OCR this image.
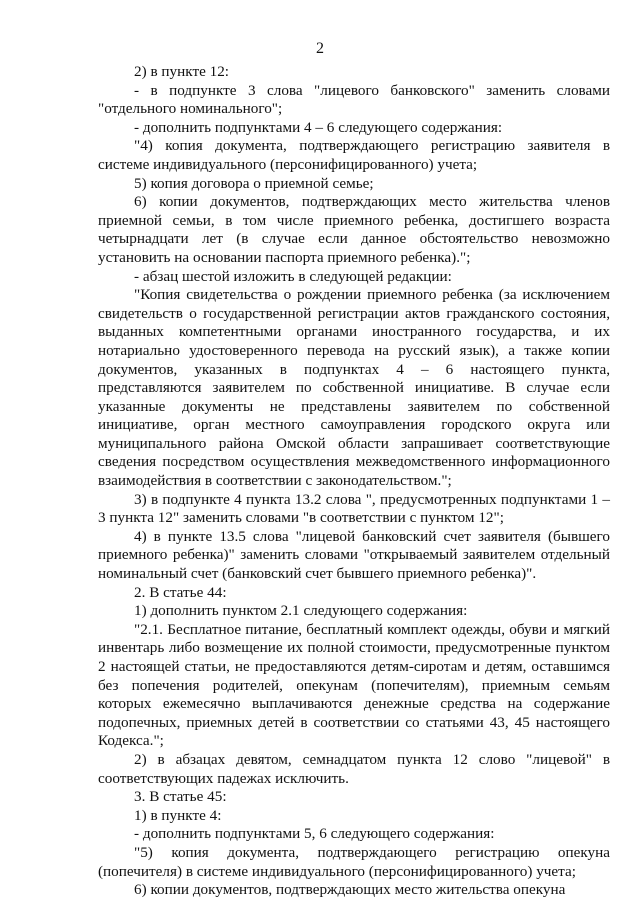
2

2) в пункте 12:

- в подпункте 3 слова "лицевого банковского" заменить словами "отдельного номинального";

- дополнить подпунктами 4 – 6 следующего содержания:

"4) копия документа, подтверждающего регистрацию заявителя в системе индивидуального (персонифицированного) учета;

5) копия договора о приемной семье;

6) копии документов, подтверждающих место жительства членов приемной семьи, в том числе приемного ребенка, достигшего возраста четырнадцати лет (в случае если данное обстоятельство невозможно установить на основании паспорта приемного ребенка).";

- абзац шестой изложить в следующей редакции:

"Копия свидетельства о рождении приемного ребенка (за исключением свидетельств о государственной регистрации актов гражданского состояния, выданных компетентными органами иностранного государства, и их нотариально удостоверенного перевода на русский язык), а также копии документов, указанных в подпунктах 4 – 6 настоящего пункта, представляются заявителем по собственной инициативе. В случае если указанные документы не представлены заявителем по собственной инициативе, орган местного самоуправления городского округа или муниципального района Омской области запрашивает соответствующие сведения посредством осуществления межведомственного информационного взаимодействия в соответствии с законодательством.";

3) в подпункте 4 пункта 13.2 слова ", предусмотренных подпунктами 1 – 3 пункта 12" заменить словами "в соответствии с пунктом 12";

4) в пункте 13.5 слова "лицевой банковский счет заявителя (бывшего приемного ребенка)" заменить словами "открываемый заявителем отдельный номинальный счет (банковский счет бывшего приемного ребенка)".

2. В статье 44:

1) дополнить пунктом 2.1 следующего содержания:

"2.1. Бесплатное питание, бесплатный комплект одежды, обуви и мягкий инвентарь либо возмещение их полной стоимости, предусмотренные пунктом 2 настоящей статьи, не предоставляются детям-сиротам и детям, оставшимся без попечения родителей, опекунам (попечителям), приемным семьям которых ежемесячно выплачиваются денежные средства на содержание подопечных, приемных детей в соответствии со статьями 43, 45 настоящего Кодекса.";

2) в абзацах девятом, семнадцатом пункта 12 слово "лицевой" в соответствующих падежах исключить.

3. В статье 45:

1) в пункте 4:

- дополнить подпунктами 5, 6 следующего содержания:

"5) копия документа, подтверждающего регистрацию опекуна (попечителя) в системе индивидуального (персонифицированного) учета;

6) копии документов, подтверждающих место жительства опекуна
